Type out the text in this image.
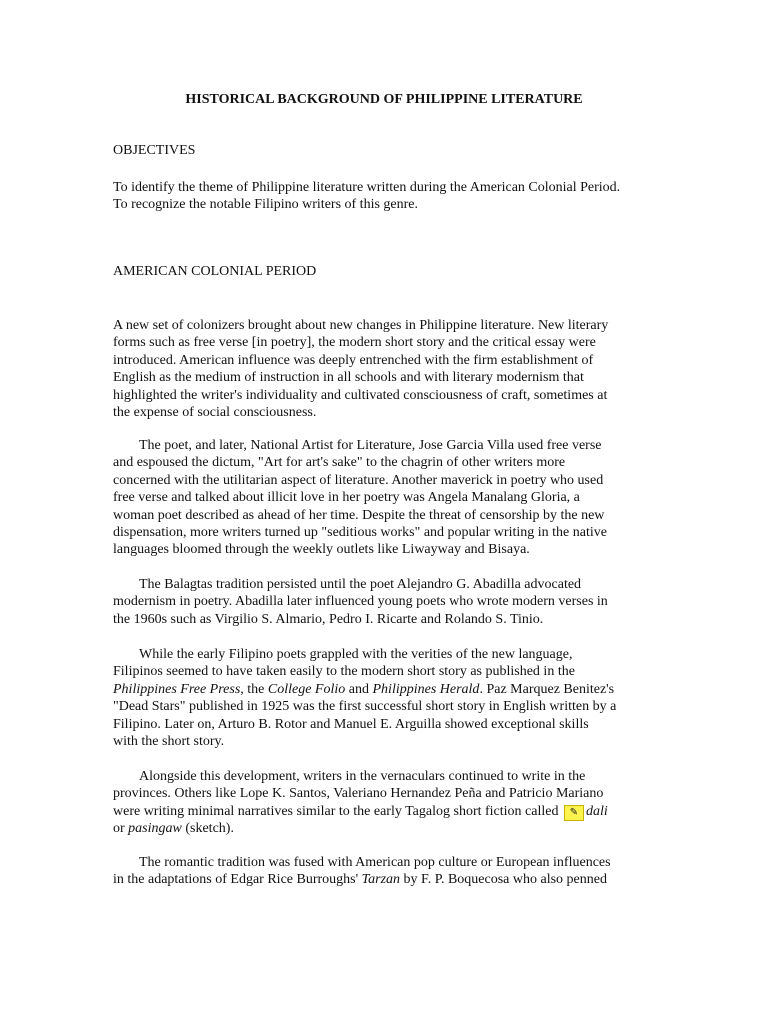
HISTORICAL BACKGROUND OF PHILIPPINE LITERATURE
OBJECTIVES
To identify the theme of Philippine literature written during the American Colonial Period.
To recognize the notable Filipino writers of this genre.
AMERICAN COLONIAL PERIOD
A new set of colonizers brought about new changes in Philippine literature. New literary
forms such as free verse [in poetry], the modern short story and the critical essay were
introduced. American influence was deeply entrenched with the firm establishment of
English as the medium of instruction in all schools and with literary modernism that
highlighted the writer's individuality and cultivated consciousness of craft, sometimes at
the expense of social consciousness.
The poet, and later, National Artist for Literature, Jose Garcia Villa used free verse
and espoused the dictum, "Art for art's sake" to the chagrin of other writers more
concerned with the utilitarian aspect of literature. Another maverick in poetry who used
free verse and talked about illicit love in her poetry was Angela Manalang Gloria, a
woman poet described as ahead of her time. Despite the threat of censorship by the new
dispensation, more writers turned up "seditious works" and popular writing in the native
languages bloomed through the weekly outlets like Liwayway and Bisaya.
The Balagtas tradition persisted until the poet Alejandro G. Abadilla advocated
modernism in poetry. Abadilla later influenced young poets who wrote modern verses in
the 1960s such as Virgilio S. Almario, Pedro I. Ricarte and Rolando S. Tinio.
While the early Filipino poets grappled with the verities of the new language,
Filipinos seemed to have taken easily to the modern short story as published in the
Philippines Free Press, the College Folio and Philippines Herald. Paz Marquez Benitez's
"Dead Stars" published in 1925 was the first successful short story in English written by a
Filipino. Later on, Arturo B. Rotor and Manuel E. Arguilla showed exceptional skills
with the short story.
Alongside this development, writers in the vernaculars continued to write in the
provinces. Others like Lope K. Santos, Valeriano Hernandez Peña and Patricio Mariano
were writing minimal narratives similar to the early Tagalog short fiction called ✎ dali
or pasingaw (sketch).
The romantic tradition was fused with American pop culture or European influences
in the adaptations of Edgar Rice Burroughs' Tarzan by F. P. Boquecosa who also penned
